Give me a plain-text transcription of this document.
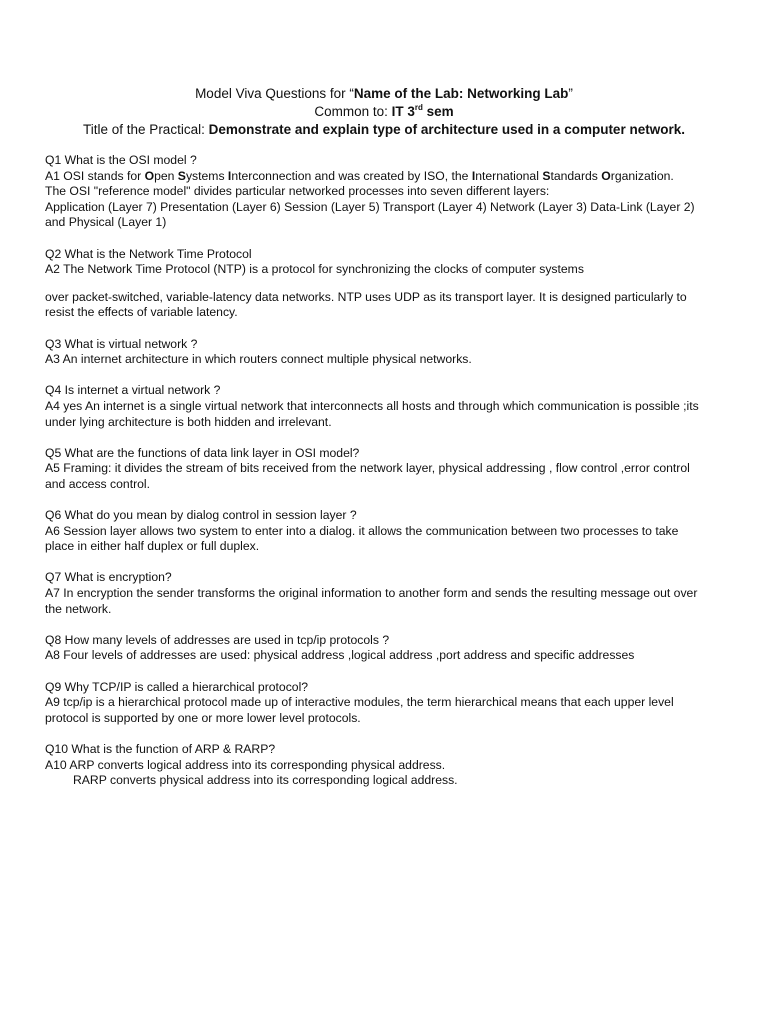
Model Viva Questions for “Name of the Lab: Networking Lab”
Common to: IT 3rd sem
Title of the Practical: Demonstrate and explain type of architecture used in a computer network.
Q1 What is the OSI model ?
A1 OSI stands for Open Systems Interconnection and was created by ISO, the International Standards Organization.
The OSI "reference model" divides particular networked processes into seven different layers:
Application (Layer 7) Presentation (Layer 6) Session (Layer 5) Transport (Layer 4) Network (Layer 3) Data-Link (Layer 2)
and Physical (Layer 1)
Q2 What is the Network Time Protocol
A2 The Network Time Protocol (NTP) is a protocol for synchronizing the clocks of computer systems
over packet-switched, variable-latency data networks. NTP uses UDP as its transport layer. It is designed particularly to
resist the effects of variable latency.
Q3 What is virtual network ?
A3 An internet architecture in which routers connect multiple physical networks.
Q4 Is internet a virtual network ?
A4 yes An internet is a single virtual network that interconnects all hosts and through which communication is possible ;its
under lying architecture is both hidden and irrelevant.
Q5 What are the functions of data link layer in OSI model?
A5 Framing: it divides the stream of bits received from the network layer, physical addressing , flow control ,error control
and access control.
Q6 What do you mean by dialog control in session layer ?
A6 Session layer allows two system to enter into a dialog. it allows the communication between two processes to take
place in either half duplex or full duplex.
Q7 What is encryption?
A7 In encryption the sender transforms the original information to another form and sends the resulting message out over
the network.
Q8 How many levels of addresses are used in tcp/ip protocols ?
A8 Four levels of addresses are used: physical address ,logical address ,port address and specific addresses
Q9 Why TCP/IP is called a hierarchical protocol?
A9 tcp/ip is a hierarchical protocol made up of interactive modules, the term hierarchical means that each upper level
protocol is supported by one or more lower level protocols.
Q10 What is the function of ARP & RARP?
A10 ARP converts logical address into its corresponding physical address.
RARP converts physical address into its corresponding logical address.
